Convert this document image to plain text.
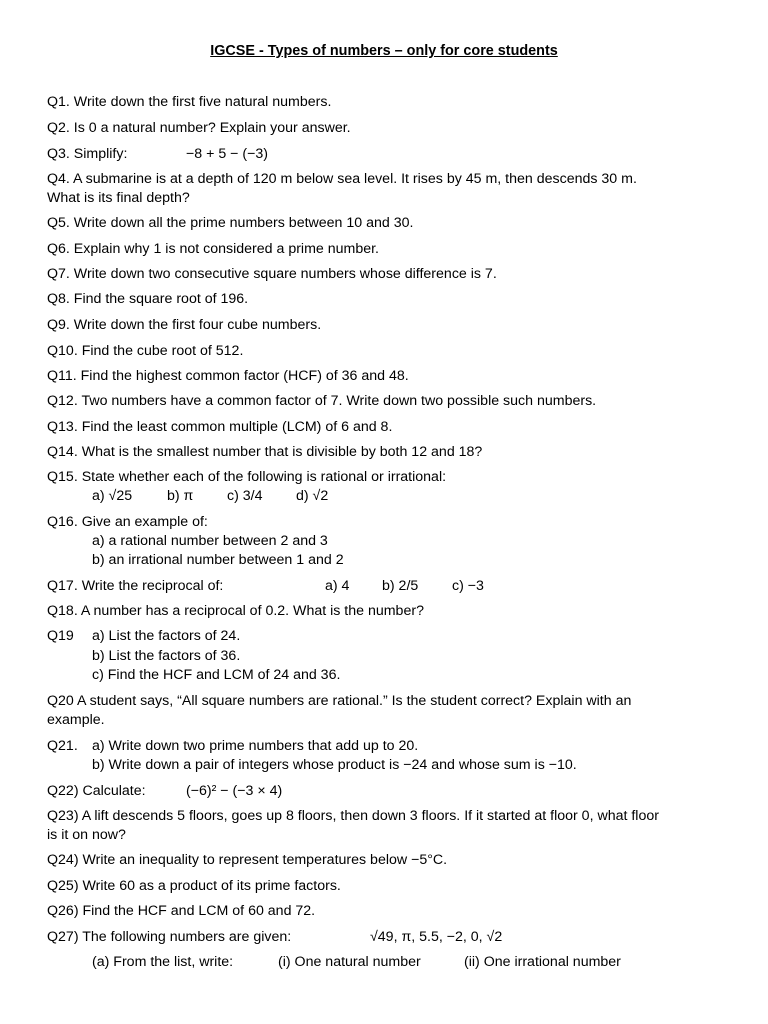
IGCSE - Types of numbers – only for core students
Q1. Write down the first five natural numbers.
Q2. Is 0 a natural number? Explain your answer.
Q3. Simplify:	−8 + 5 − (−3)
Q4. A submarine is at a depth of 120 m below sea level. It rises by 45 m, then descends 30 m.
What is its final depth?
Q5. Write down all the prime numbers between 10 and 30.
Q6. Explain why 1 is not considered a prime number.
Q7. Write down two consecutive square numbers whose difference is 7.
Q8. Find the square root of 196.
Q9. Write down the first four cube numbers.
Q10. Find the cube root of 512.
Q11. Find the highest common factor (HCF) of 36 and 48.
Q12. Two numbers have a common factor of 7. Write down two possible such numbers.
Q13. Find the least common multiple (LCM) of 6 and 8.
Q14. What is the smallest number that is divisible by both 12 and 18?
Q15. State whether each of the following is rational or irrational:
a) √25 b) π c) 3/4 d) √2
Q16. Give an example of:
a) a rational number between 2 and 3
b) an irrational number between 1 and 2
Q17. Write the reciprocal of:	a) 4 b) 2/5 c) −3
Q18. A number has a reciprocal of 0.2. What is the number?
Q19 a) List the factors of 24.
b) List the factors of 36.
c) Find the HCF and LCM of 24 and 36.
Q20 A student says, “All square numbers are rational.” Is the student correct? Explain with an
example.
Q21. a) Write down two prime numbers that add up to 20.
b) Write down a pair of integers whose product is −24 and whose sum is −10.
Q22) Calculate:	(−6)² − (−3 × 4)
Q23) A lift descends 5 floors, goes up 8 floors, then down 3 floors. If it started at floor 0, what floor
is it on now?
Q24) Write an inequality to represent temperatures below −5°C.
Q25) Write 60 as a product of its prime factors.
Q26) Find the HCF and LCM of 60 and 72.
Q27) The following numbers are given:	√49, π, 5.5, −2, 0, √2
(a) From the list, write:	(i) One natural number	(ii) One irrational number
